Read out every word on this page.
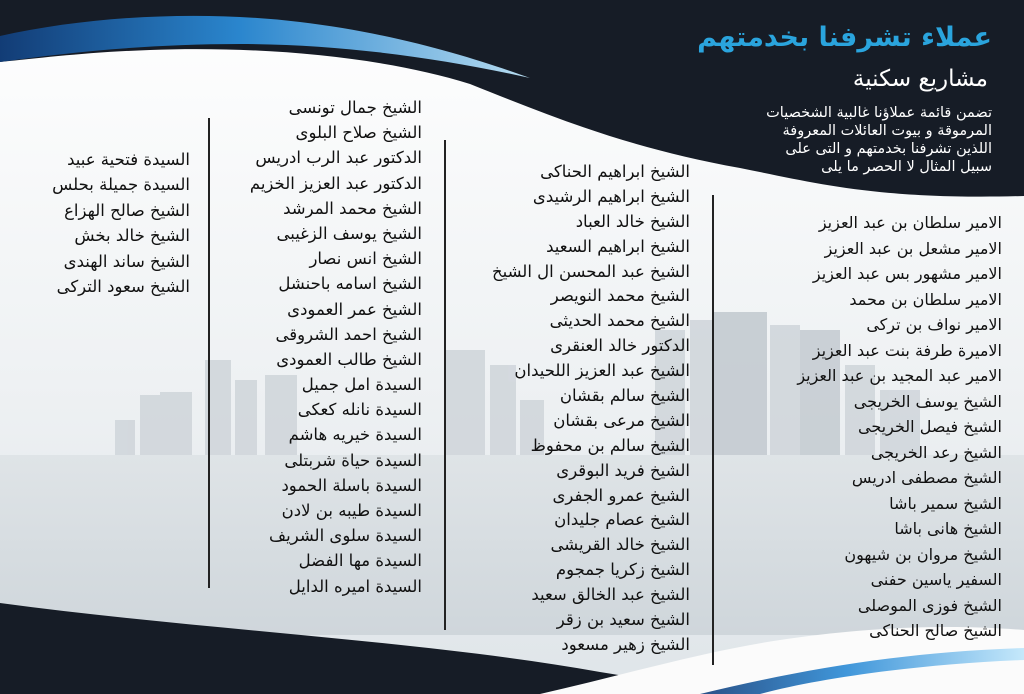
عملاء تشرفنا بخدمتهم
مشاريع سكنية
تضمن قائمة عملاؤنا غالبية الشخصيات
المرموقة و بيوت العائلات المعروفة
اللذين تشرفنا بخدمتهم و التى على
سبيل المثال لا الحصر ما يلى
الامير سلطان بن عبد العزيز
الامير مشعل بن عبد العزيز
الامير مشهور بس عبد العزيز
الامير سلطان بن محمد
الامير نواف بن تركى
الاميرة طرفة بنت عبد العزيز
الامير عبد المجيد بن عبد العزيز
الشيخ يوسف الخريجى
الشيخ فيصل الخريجى
الشيخ رعد الخريجى
الشيخ مصطفى ادريس
الشيخ سمير باشا
الشيخ هانى باشا
الشيخ مروان بن شيهون
السفير ياسين حفنى
الشيخ فوزى الموصلى
الشيخ صالح الحناكى
الشيخ ابراهيم الحناكى
الشيخ ابراهيم الرشيدى
الشيخ خالد العباد
الشيخ ابراهيم السعيد
الشيخ عبد المحسن ال الشيخ
الشيخ محمد النويصر
الشيخ محمد الحديثى
الدكتور خالد العنقرى
الشيخ عبد العزيز اللحيدان
الشيخ سالم بقشان
الشيخ مرعى بقشان
الشيخ سالم بن محفوظ
الشيخ فريد البوقرى
الشيخ عمرو الجفرى
الشيخ عصام جليدان
الشيخ خالد القريشى
الشيخ زكريا جمجوم
الشيخ عبد الخالق سعيد
الشيخ سعيد بن زقر
الشيخ زهير مسعود
الشيخ جمال تونسى
الشيخ صلاح البلوى
الدكتور عبد الرب ادريس
الدكتور عبد العزيز الخزيم
الشيخ محمد المرشد
الشيخ يوسف الزغيبى
الشيخ انس نصار
الشيخ اسامه باحنشل
الشيخ عمر العمودى
الشيخ احمد الشروقى
الشيخ طالب العمودى
السيدة امل جميل
السيدة نانله كعكى
السيدة خيريه هاشم
السيدة حياة شربتلى
السيدة باسلة الحمود
السيدة طيبه بن لادن
السيدة سلوى الشريف
السيدة مها الفضل
السيدة اميره الدايل
السيدة فتحية عبيد
السيدة جميلة بحلس
الشيخ صالح الهزاع
الشيخ خالد بخش
الشيخ ساند الهندى
الشيخ سعود التركى
